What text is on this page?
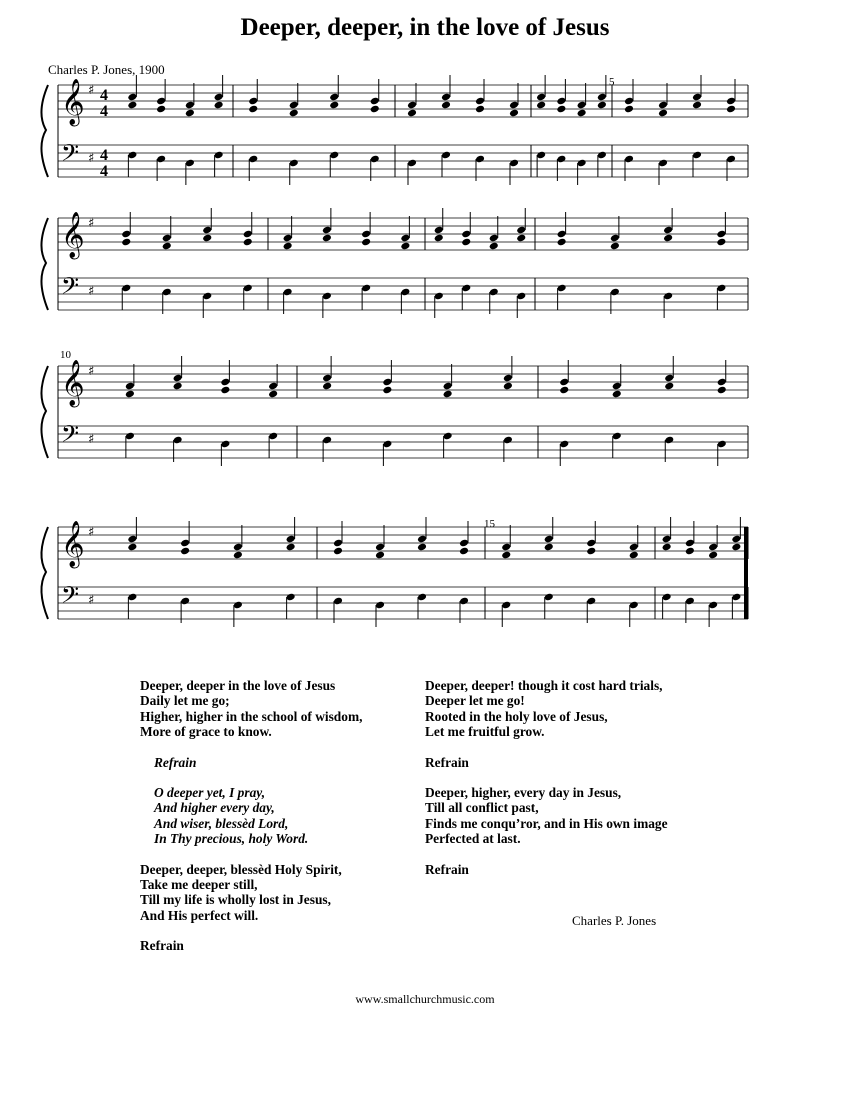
Deeper, deeper, in the love of Jesus
Charles P. Jones, 1900
𝄞 ♯ 4
4
𝄢 ♯ 4
4
𝄞 ♯
𝄢 ♯
𝄞 ♯
𝄢 ♯
𝄞 ♯
𝄢 ♯
5
10
15

Deeper, deeper in the love of Jesus

Daily let me go;

Higher, higher in the school of wisdom,

More of grace to know.

Refrain

O deeper yet, I pray,

And higher every day,

And wiser, blessèd Lord,

In Thy precious, holy Word.

Deeper, deeper, blessèd Holy Spirit,

Take me deeper still,

Till my life is wholly lost in Jesus,

And His perfect will.

Refrain

Deeper, deeper! though it cost hard trials,

Deeper let me go!

Rooted in the holy love of Jesus,

Let me fruitful grow.

Refrain

Deeper, higher, every day in Jesus,

Till all conflict past,

Finds me conqu’ror, and in His own image

Perfected at last.

Refrain

Charles P. Jones
www.smallchurchmusic.com
